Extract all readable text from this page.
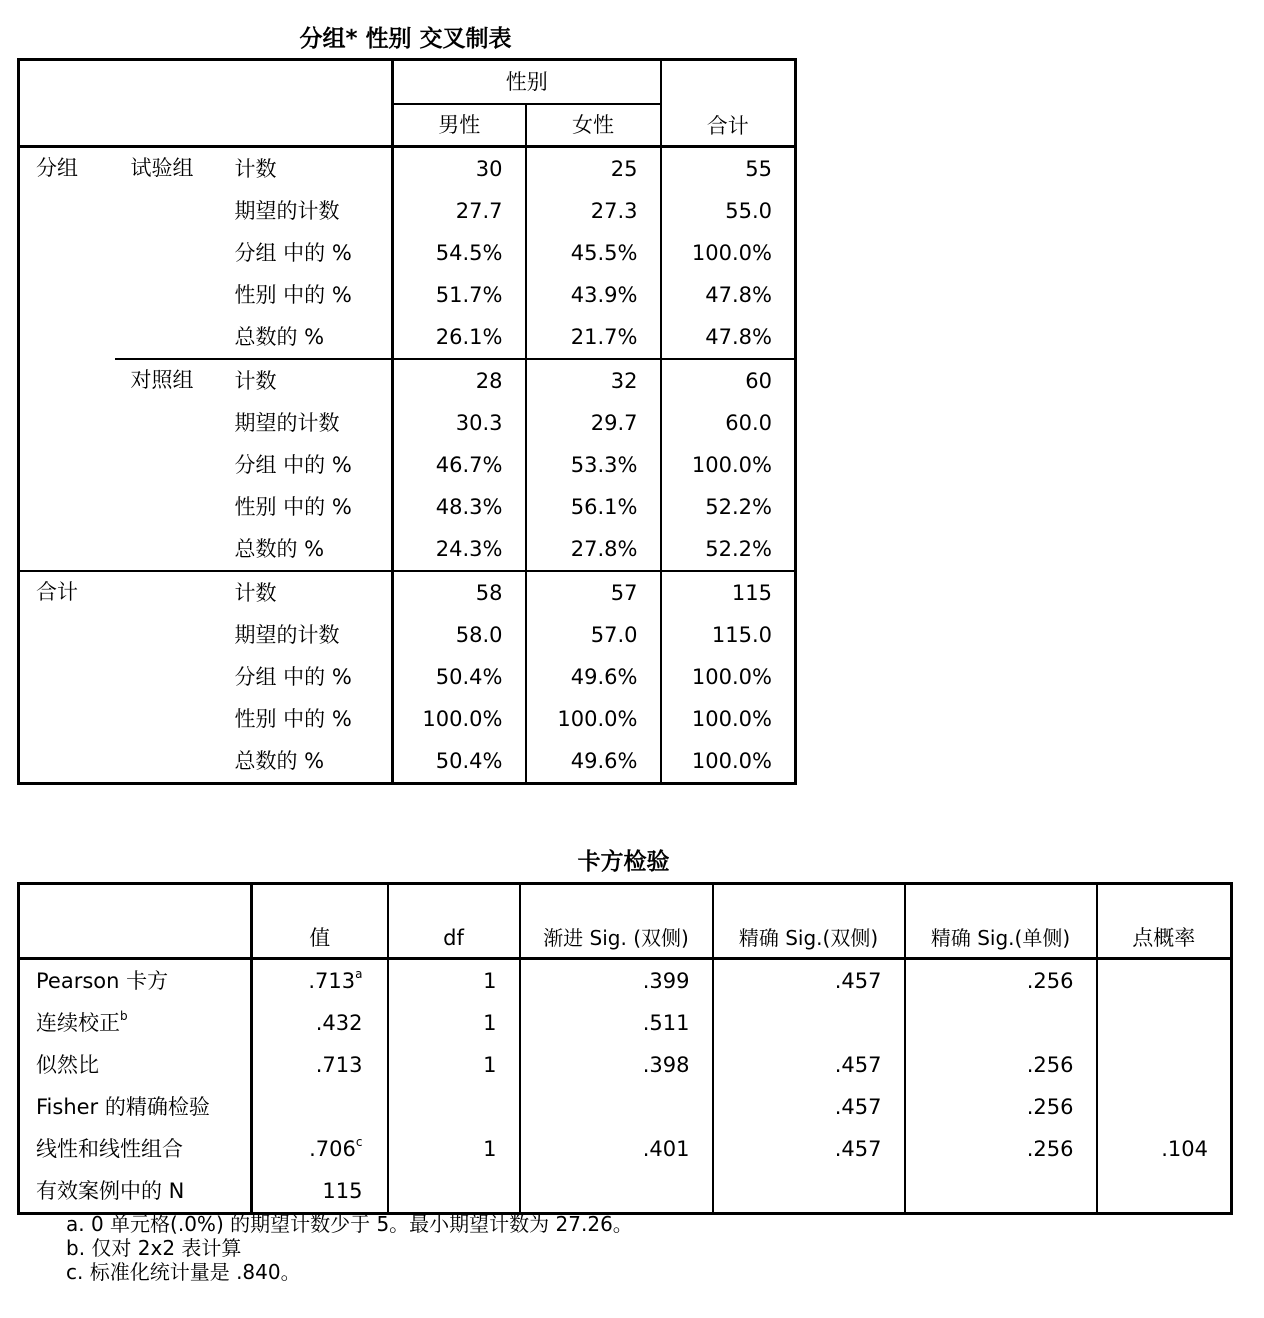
分组* 性别 交叉制表
			性别		合计
			男性	女性	
分组	试验组	计数	30	25	55
		期望的计数	27.7	27.3	55.0
		分组 中的 %	54.5%	45.5%	100.0%
		性别 中的 %	51.7%	43.9%	47.8%
		总数的 %	26.1%	21.7%	47.8%
	对照组	计数	28	32	60
		期望的计数	30.3	29.7	60.0
		分组 中的 %	46.7%	53.3%	100.0%
		性别 中的 %	48.3%	56.1%	52.2%
		总数的 %	24.3%	27.8%	52.2%
合计		计数	58	57	115
		期望的计数	58.0	57.0	115.0
		分组 中的 %	50.4%	49.6%	100.0%
		性别 中的 %	100.0%	100.0%	100.0%
		总数的 %	50.4%	49.6%	100.0%
卡方检验
	值	df	渐进 Sig. (双侧)	精确 Sig.(双侧)	精确 Sig.(单侧)	点概率
Pearson 卡方	.713$^a$	1	.399	.457	.256	
连续校正$^b$	.432	1	.511			
似然比	.713	1	.398	.457	.256	
Fisher 的精确检验				.457	.256	
线性和线性组合	.706$^c$	1	.401	.457	.256	.104
有效案例中的 N	115					
a. 0 单元格(.0%) 的期望计数少于 5。最小期望计数为 27.26。
b. 仅对 2x2 表计算
c. 标准化统计量是 .840。
